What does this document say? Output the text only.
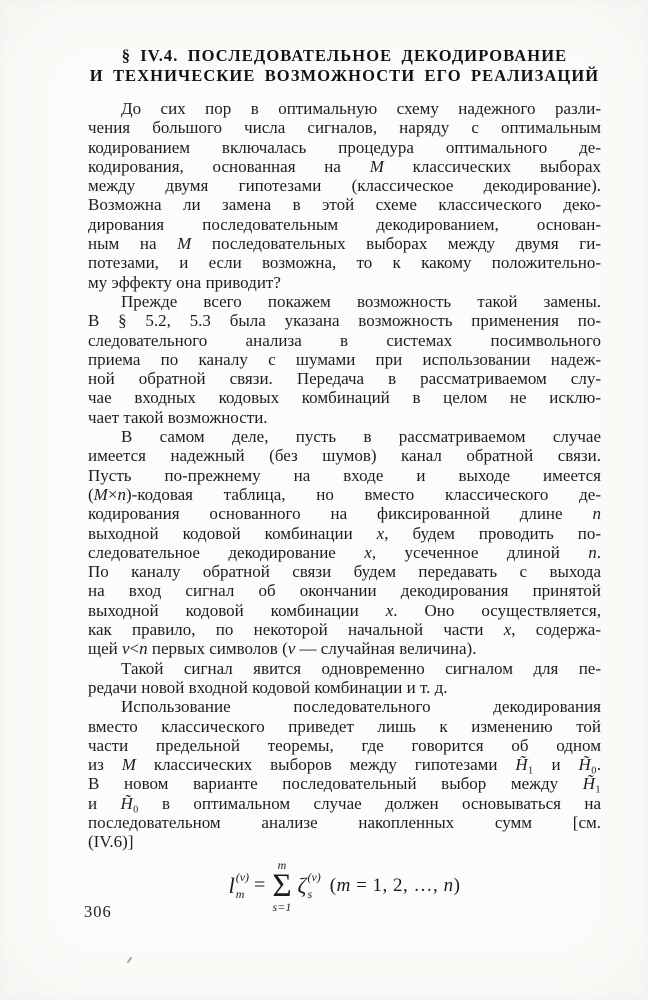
§ IV.4. ПОСЛЕДОВАТЕЛЬНОЕ ДЕКОДИРОВАНИЕ
И ТЕХНИЧЕСКИЕ ВОЗМОЖНОСТИ ЕГО РЕАЛИЗАЦИЙ
До сих пор в оптимальную схему надежного разли-
чения большого числа сигналов, наряду с оптимальным
кодированием включалась процедура оптимального де-
кодирования, основанная на M классических выборах
между двумя гипотезами (классическое декодирование).
Возможна ли замена в этой схеме классического деко-
дирования последовательным декодированием, основан-
ным на M последовательных выборах между двумя ги-
потезами, и если возможна, то к какому положительно-
му эффекту она приводит?
Прежде всего покажем возможность такой замены.
В § 5.2, 5.3 была указана возможность применения по-
следовательного анализа в системах посимвольного
приема по каналу с шумами при использовании надеж-
ной обратной связи. Передача в рассматриваемом слу-
чае входных кодовых комбинаций в целом не исклю-
чает такой возможности.
В самом деле, пусть в рассматриваемом случае
имеется надежный (без шумов) канал обратной связи.
Пусть по-прежнему на входе и выходе имеется
(M×n)-кодовая таблица, но вместо классического де-
кодирования основанного на фиксированной длине n
выходной кодовой комбинации x, будем проводить по-
следовательное декодирование x, усеченное длиной n.
По каналу обратной связи будем передавать с выхода
на вход сигнал об окончании декодирования принятой
выходной кодовой комбинации x. Оно осуществляется,
как правило, по некоторой начальной части x, содержа-
щей ν<n первых символов (ν — случайная величина).
Такой сигнал явится одновременно сигналом для пе-
редачи новой входной кодовой комбинации и т. д.
Использование последовательного декодирования
вместо классического приведет лишь к изменению той
части предельной теоремы, где говорится об одном
из M классических выборов между гипотезами H̃₁ и H̃₀.
В новом варианте последовательный выбор между H̃₁
и H̃₀ в оптимальном случае должен основываться на
последовательном анализе накопленных сумм [см.
(IV.6)]
l (ν)
m =
m
Σ
s=1
ζ (ν)
s (m = 1, 2, …, n)
306
